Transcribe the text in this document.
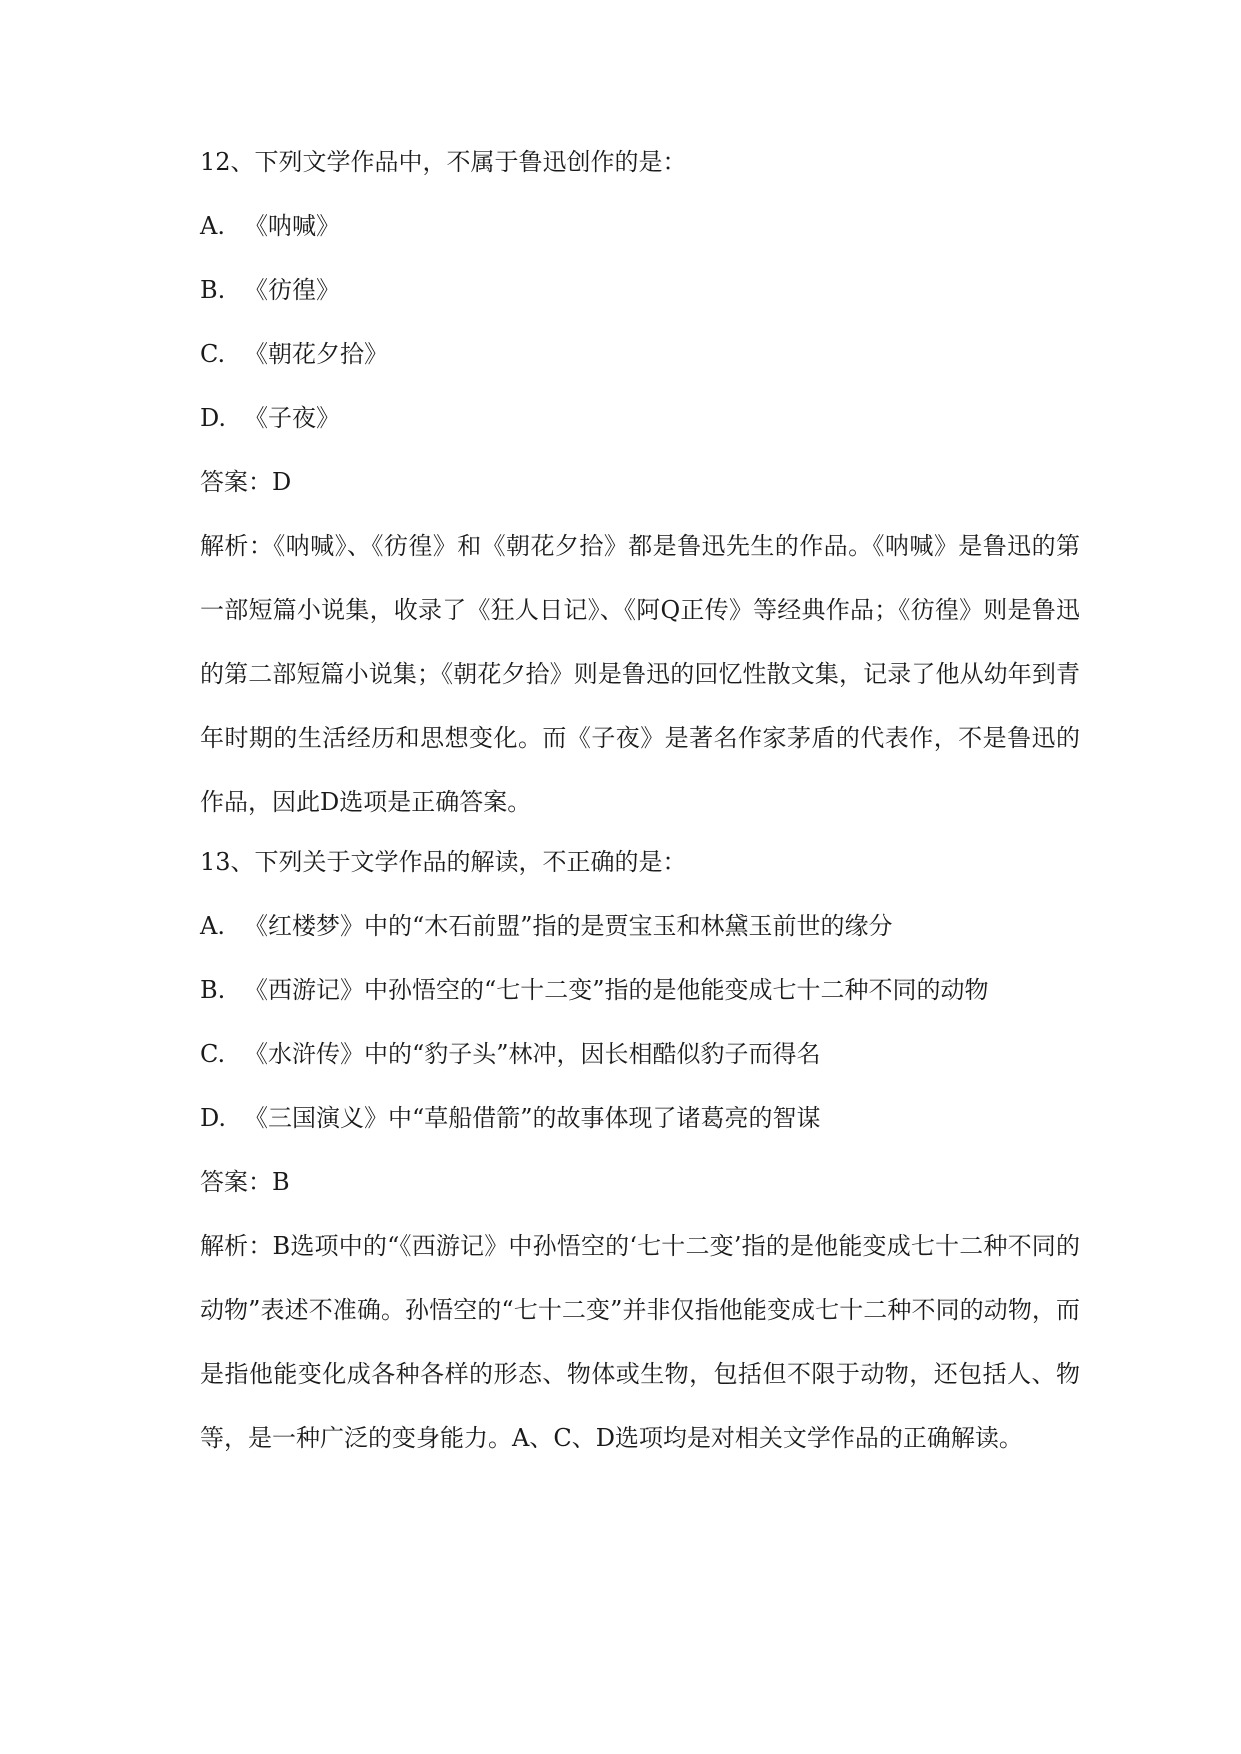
12、下列文学作品中，不属于鲁迅创作的是：
A. 《呐喊》
B. 《彷徨》
C. 《朝花夕拾》
D. 《子夜》
答案：D
解析：《呐喊》、《彷徨》和《朝花夕拾》都是鲁迅先生的作品。《呐喊》是鲁迅的第一部短篇小说集，收录了《狂人日记》、《阿Q正传》等经典作品；《彷徨》则是鲁迅的第二部短篇小说集；《朝花夕拾》则是鲁迅的回忆性散文集，记录了他从幼年到青年时期的生活经历和思想变化。而《子夜》是著名作家茅盾的代表作，不是鲁迅的作品，因此D选项是正确答案。
13、下列关于文学作品的解读，不正确的是：
A. 《红楼梦》中的“木石前盟”指的是贾宝玉和林黛玉前世的缘分
B. 《西游记》中孙悟空的“七十二变”指的是他能变成七十二种不同的动物
C. 《水浒传》中的“豹子头”林冲，因长相酷似豹子而得名
D. 《三国演义》中“草船借箭”的故事体现了诸葛亮的智谋
答案：B
解析：B选项中的“《西游记》中孙悟空的‘七十二变’指的是他能变成七十二种不同的动物”表述不准确。孙悟空的“七十二变”并非仅指他能变成七十二种不同的动物，而是指他能变化成各种各样的形态、物体或生物，包括但不限于动物，还包括人、物等，是一种广泛的变身能力。A、C、D选项均是对相关文学作品的正确解读。
